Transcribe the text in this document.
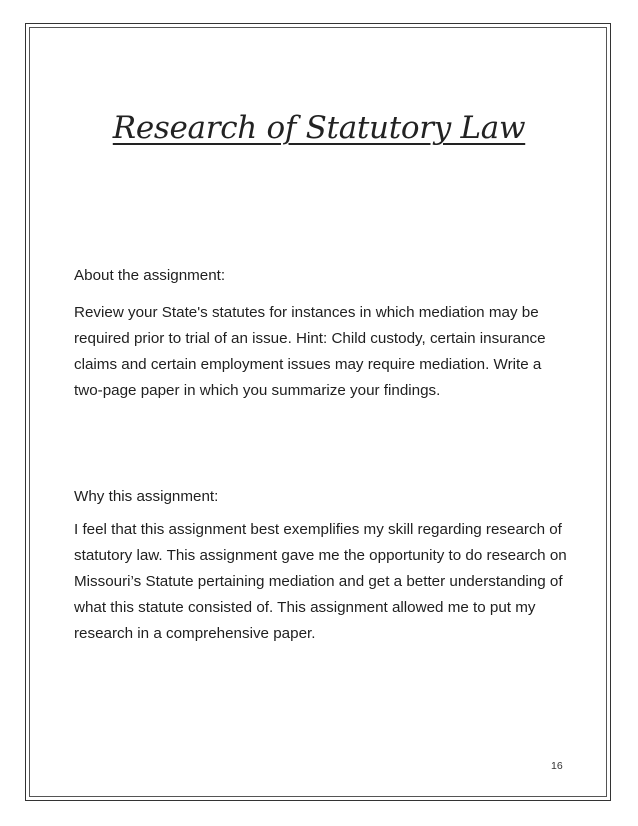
Research of Statutory Law

About the assignment:

Review your State's statutes for instances in which mediation may be required prior to trial of an issue. Hint: Child custody, certain insurance claims and certain employment issues may require mediation. Write a two-page paper in which you summarize your findings.

Why this assignment:

I feel that this assignment best exemplifies my skill regarding research of statutory law. This assignment gave me the opportunity to do research on Missouri’s Statute pertaining mediation and get a better understanding of what this statute consisted of. This assignment allowed me to put my research in a comprehensive paper.

16
